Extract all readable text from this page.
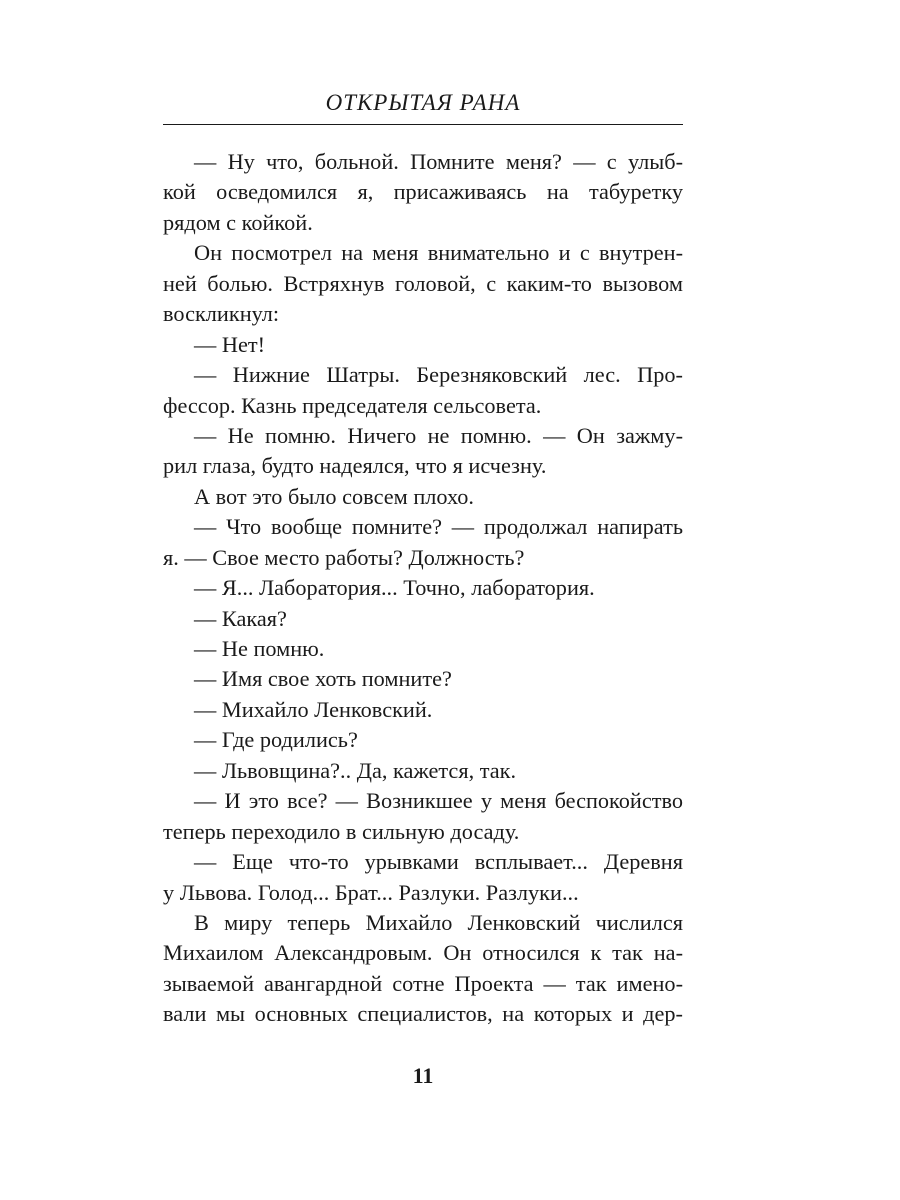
ОТКРЫТАЯ РАНА
— Ну что, больной. Помните меня? — с улыб-
кой осведомился я, присаживаясь на табуретку
рядом с койкой.
Он посмотрел на меня внимательно и с внутрен-
ней болью. Встряхнув головой, с каким-то вызовом
воскликнул:
— Нет!
— Нижние Шатры. Березняковский лес. Про-
фессор. Казнь председателя сельсовета.
— Не помню. Ничего не помню. — Он зажму-
рил глаза, будто надеялся, что я исчезну.
А вот это было совсем плохо.
— Что вообще помните? — продолжал напирать
я. — Свое место работы? Должность?
— Я... Лаборатория... Точно, лаборатория.
— Какая?
— Не помню.
— Имя свое хоть помните?
— Михайло Ленковский.
— Где родились?
— Львовщина?.. Да, кажется, так.
— И это все? — Возникшее у меня беспокойство
теперь переходило в сильную досаду.
— Еще что-то урывками всплывает... Деревня
у Львова. Голод... Брат... Разлуки. Разлуки...
В миру теперь Михайло Ленковский числился
Михаилом Александровым. Он относился к так на-
зываемой авангардной сотне Проекта — так имено-
вали мы основных специалистов, на которых и дер-
11
